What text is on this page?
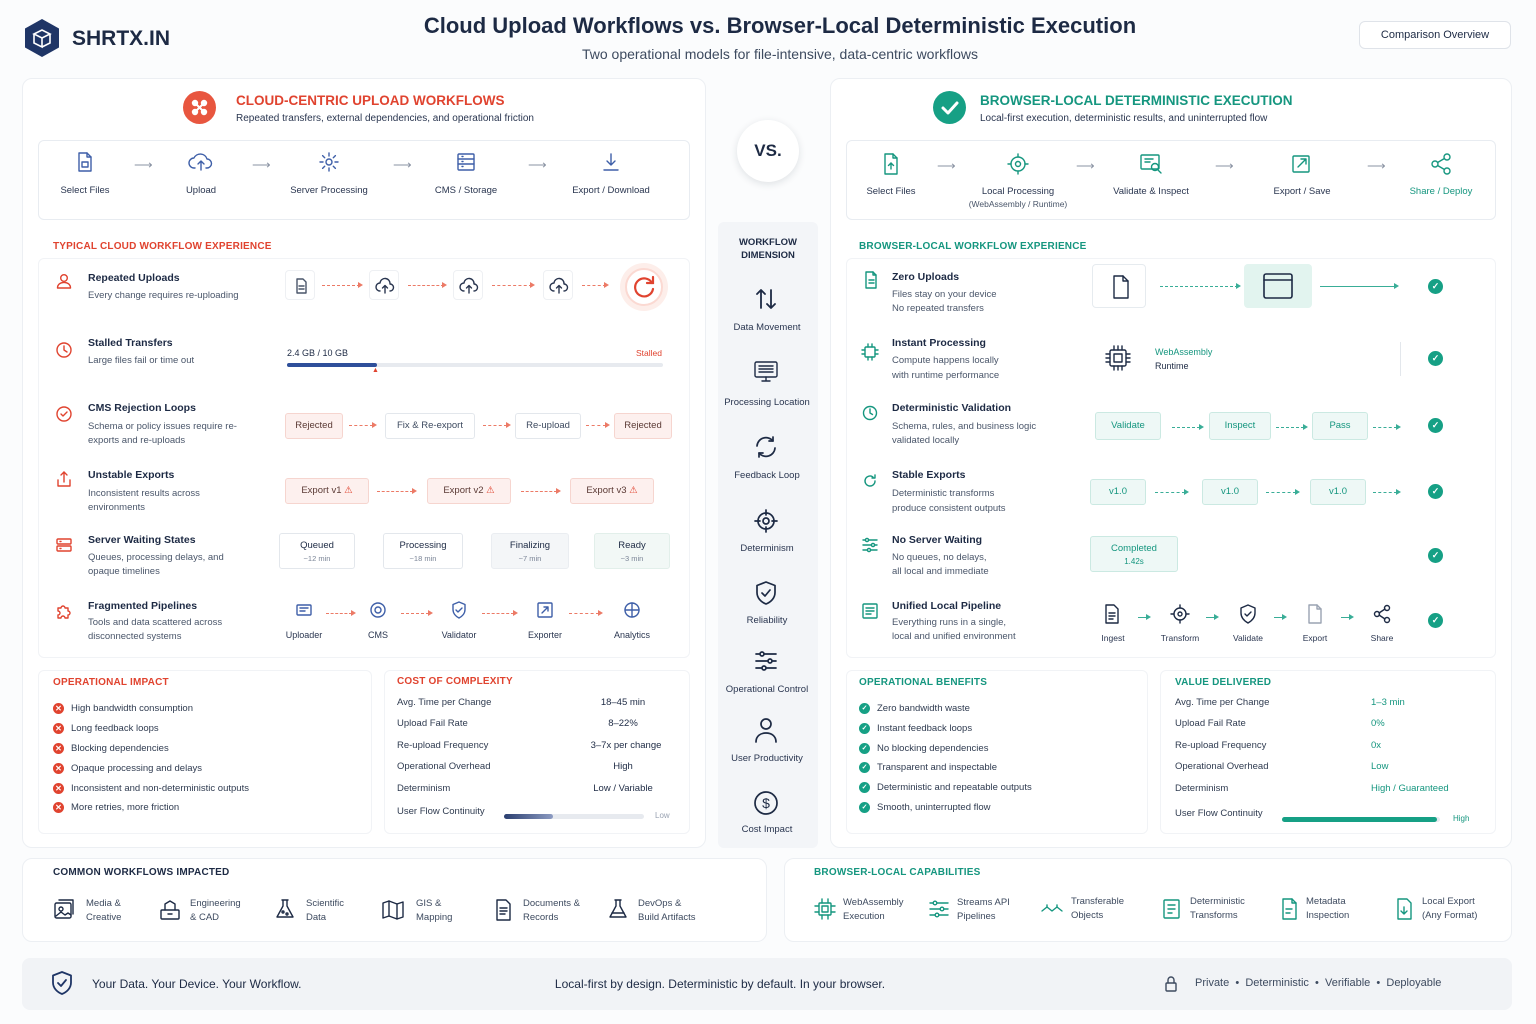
SHRTX.IN
Cloud Upload Workflows vs. Browser-Local Deterministic Execution
Two operational models for file-intensive, data-centric workflows
Comparison Overview
CLOUD-CENTRIC UPLOAD WORKFLOWS
Repeated transfers, external dependencies, and operational friction
⟶	⟶	⟶	⟶
Select Files	Upload	Server Processing	CMS / Storage	Export / Download
TYPICAL CLOUD WORKFLOW EXPERIENCE
Repeated Uploads
Every change requires re-uploading
Stalled Transfers
Large files fail or time out
CMS Rejection Loops
Schema or policy issues require re-exports and re-uploads
Unstable Exports
Inconsistent results across environments
Server Waiting States
Queues, processing delays, and opaque timelines
Fragmented Pipelines
Tools and data scattered across disconnected systems
2.4 GB / 10 GB	Stalled
▲
Rejected	Fix & Re-export	Re-upload	Rejected
Export v1 ⚠	Export v2 ⚠	Export v3 ⚠
Queued
~12 min
Processing
~18 min
Finalizing
~7 min
Ready
~3 min
Uploader	CMS	Validator	Exporter	Analytics
OPERATIONAL IMPACT
✕ High bandwidth consumption
✕ Long feedback loops
✕ Blocking dependencies
✕ Opaque processing and delays
✕ Inconsistent and non-deterministic outputs
✕ More retries, more friction
COST OF COMPLEXITY
Avg. Time per Change	18–45 min
Upload Fail Rate	8–22%
Re-upload Frequency	3–7x per change
Operational Overhead	High
Determinism	Low / Variable
User Flow Continuity	Low
VS.
WORKFLOW DIMENSION
Data Movement
Processing Location
Feedback Loop
Determinism
Reliability
Operational Control
User Productivity
$
Cost Impact
BROWSER-LOCAL DETERMINISTIC EXECUTION
Local-first execution, deterministic results, and uninterrupted flow
⟶	⟶	⟶	⟶
Select Files	Local Processing
(WebAssembly / Runtime)
Validate & Inspect	Export / Save	Share / Deploy
BROWSER-LOCAL WORKFLOW EXPERIENCE
Zero Uploads
Files stay on your device
No repeated transfers
Instant Processing
Compute happens locally
with runtime performance
Deterministic Validation
Schema, rules, and business logic
validated locally
Stable Exports
Deterministic transforms
produce consistent outputs
No Server Waiting
No queues, no delays,
all local and immediate
Unified Local Pipeline
Everything runs in a single,
local and unified environment
WebAssembly
Runtime
Validate	Inspect	Pass
v1.0	v1.0	v1.0
Completed
1.42s
Ingest	Transform	Validate	Export	Share
✓
✓
✓
✓
✓
✓
OPERATIONAL BENEFITS
✓ Zero bandwidth waste
✓ Instant feedback loops
✓ No blocking dependencies
✓ Transparent and inspectable
✓ Deterministic and repeatable outputs
✓ Smooth, uninterrupted flow
VALUE DELIVERED
Avg. Time per Change	1–3 min
Upload Fail Rate	0%
Re-upload Frequency	0x
Operational Overhead	Low
Determinism	High / Guaranteed
User Flow Continuity	High
COMMON WORKFLOWS IMPACTED
Media &
Creative
Engineering
& CAD
Scientific
Data
GIS &
Mapping
Documents &
Records
DevOps &
Build Artifacts
BROWSER-LOCAL CAPABILITIES
WebAssembly
Execution
Streams API
Pipelines
Transferable
Objects
Deterministic
Transforms
Metadata
Inspection
Local Export
(Any Format)
Your Data. Your Device. Your Workflow.	Local-first by design. Deterministic by default. In your browser.	Private  •  Deterministic  •  Verifiable  •  Deployable
